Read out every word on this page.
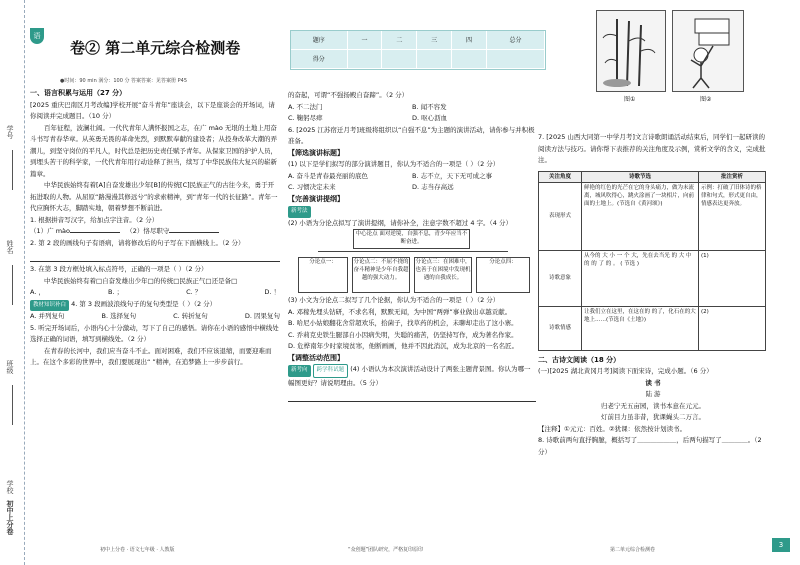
学号
姓名
班级
学校
初中上分卷
语
卷② 第二单元综合检测卷
●时间：90 min 满分：100 分 答案答案：见答案册 P45
题序	一	二	三	四	总分
得分					

一、语言积累与运用（27 分）

[2025 重庆巴南区月考改编]学校开展“奋斗青年”座谈会，以下是座谈会的开场词，请你阅读并完成题目。（10 分）

百年征程，波澜壮阔。一代代青年人满怀报国之志，在广 mào 无垠的土地上用奋斗书写青春华章。从英勇无畏的革命先烈，到默默奉献的建设者；从投身改革大潮的弄潮儿，到坚守岗位的平凡人，时代总是把历史责任赋予青年。从保家卫国的护护人员，到埋头苦干的科学家，一代代青年用行动诠释了担当，续写了中华民族伟大复兴的崭新篇章。

中华民族始终有着[A]自奋发雄出少年[B]的传统[C]民族正气的古往今来，勇于开拓进取的人物。从屈原“路漫漫其修远兮”的求索精神，到“青年一代的长征路”。青年一代应胸怀大志，脚踏实地，朝着梦想不断前进。

1. 根据拼音写汉字，给加点字注音。（2 分）

（1）广 mào	（2）恪尽职守

2. 第 2 段的画线句子有语病，请将修改后的句子写在下面横线上。（2 分）

3. 在第 3 段方框处填入标点符号，正确的一项是（ ）（2 分）

中华民族始终有着□自奋发雄出少年□的传统□民族正气□还是备□

A. ，	B. ；	C. ？	D. ！

教材知识补白 4. 第 3 段画波浪线句子的复句类型是（ ）（2 分）

A. 并列复句	B. 选择复句	C. 转折复句	D. 因果复句

5. 听完开场词后，小语内心十分激动，写下了自己的感悟。请你在小语的感悟中横线处选择正确的词语，填写到横线处。（2 分）

在青春的长河中，我们应当奋斗不止。面对困难，我们不应该退缩，而要迎难而上。在这个多彩的世界中，我们要展现出“ ”精神，在追梦路上一步步前行。

初中上分卷 · 语文七年级 · 人教版

的奋起，可谓“不强扬殿自奋蹄”。（2 分）

A. 不二法门	B. 闻不容发
C. 鞠躬尽瘁	D. 呕心沥血

6. [2025 江苏宿迁月考]班级将组织以“自强不息”为主题的演讲活动，请你参与并积极准备。

【筛选演讲标题】

(1) 以下是学们拟写的部分演讲题目，你认为不适合的一项是（ ）（2 分）

A. 奋斗是青春最亮丽的底色	B. 志不立，天下无可成之事
C. 习惯决定未来	D. 志当存高远

【完善演讲提纲】

新考法 (2) 小语为分论点拟写了演讲提纲，请你补全，注意字数不超过 4 字。（4 分）

中心论点 面对逆境，自强不息，青少年应当不断奋进。
分论点一：	分论点二：不屈不挠的奋斗精神是少年自我超越的强大动力。
分论点三：在困难中，也善于在困境中发现机遇的自我成长。
分论点四：

(3) 小文为分论点二拟写了几个论据，你认为不适合的一项是（ ）（2 分）

A. 邓稼先埋头钻研，不求名利，默默无闻，为中国“两弹”事业做出卓越贡献。

B. 哈尼小姑娘翻花舍常超欢乐，拾菌子，找草药的机会，未聊却走出了这小寨。

C. 乔莉克史铁生腿部自小因病失明，失聪的痛苦，仍坚持写作，成为著名作家。

D. 危桦南年少时家境贫寒，他断画画，他并不因此消沉，成为北京的一名名匠。

【调整活动范围】

新考向 跨学科试题 (4) 小语认为本次演讲活动设计了两张主题背景图。你认为哪一幅图更好？请说明理由。（5 分）

“众创题”团队研究，严格复印原印
图①	图②

7. [2025 山西大同第一中学月考]文言诗歌朗诵活动结束后，同学们一起研读的阅读方法与技巧。请你帮下表推荐的关注角度及示例，赏析文学的含义，完成批注。

关注角度	诗歌节选	批注赏析
表现形式	鲜艳的红色的光芒在它的身头痛力，做为未流离，城风吹得心，跳火涂画了一块相片，向前面的土地上。(节选自《黄河颂》)	示例：打破了旧体诗的格律和句式，形式更自由，情感表达更奔放。
诗歌意象	从今的 大 小 一 个 大，先在去当光 的 大 中 的 的 了 的 。 ( 节选 )	(1)
诗歌情感	让我们立在这里，在这在的 的了，化石在的大地上……(节选自《土地》)	(2)

二、古诗文阅读（18 分）

(一)[2025 湖北黄冈月考]阅读下面宋诗，完成小题。（6 分）

读 书

陆 游

归老宁无五亩园，读书本意在元元。

灯前目力虽非昔，犹课蝇头二万言。

【注释】①元元：百姓。②犹课：依然按计划读书。

8. 诗歌前两句直抒胸臆，概括写了＿＿＿＿＿＿，后两句描写了＿＿＿＿。（2 分）

第二单元综合检测卷
3
